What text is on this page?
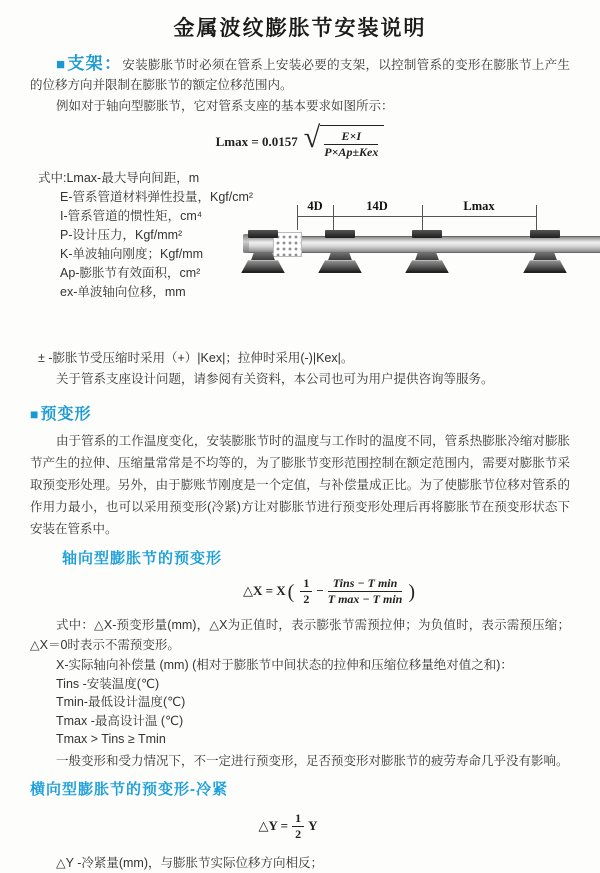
金属波纹膨胀节安装说明

■支架：安装膨胀节时必须在管系上安装必要的支架，以控制管系的变形在膨胀节上产生的位移方向并限制在膨胀节的额定位移范围内。

例如对于轴向型膨胀节，它对管系支座的基本要求如图所示：

Lmax = 0.0157 √ $\frac{E\times I}{\text{P×Ap±Kex}}$
式中:Lmax-最大导向间距，m
E-管系管道材料弹性投量，Kgf/cm²
I-管系管道的惯性矩，cm⁴
P-设计压力，Kgf/mm²
K-单波轴向刚度；Kgf/mm
Ap-膨胀节有效面积，cm²
ex-单波轴向位移，mm
4D	14D	Lmax
± -膨胀节受压缩时采用（+）|Kex|；拉伸时采用(-)|Kex|。

关于管系支座设计问题，请参阅有关资料，本公司也可为用户提供咨询等服务。

■预变形

由于管系的工作温度变化，安装膨胀节时的温度与工作时的温度不同，管系热膨胀冷缩对膨胀节产生的拉伸、压缩量常常是不均等的，为了膨胀节变形范围控制在额定范围内，需要对膨胀节采取预变形处理。另外，由于膨账节刚度是一个定值，与补偿量成正比。为了使膨胀节位移对管系的作用力最小，也可以采用预变形(冷紧)方让对膨胀节进行预变形处理后再将膨胀节在预变形状态下安装在管系中。

轴向型膨胀节的预变形
△X = X ( $\frac{1}{2} - \frac{\text{Tins − T min}}{\text{T max − T min}}$ )

式中：△X-预变形量(mm)，△X为正值时，表示膨张节需预拉伸；为负值时，表示需预压缩；△X＝0时表示不需预变形。

X-实际轴向补偿量 (mm) (相对于膨胀节中间状态的拉伸和压缩位移量绝对值之和)：
Tins -安装温度(℃)
Tmin-最低设计温度(℃)
Tmax -最高设计温 (℃)
Tmax > Tins ≥ Tmin

一般变形和受力情况下，不一定进行预变形，足否预变形对膨胀节的疲劳寿命几乎没有影响。

横向型膨胀节的预变形-冷紧
△Y = $\frac{1}{2}$ Y
△Y -冷紧量(mm)，与膨胀节实际位移方向相反；
